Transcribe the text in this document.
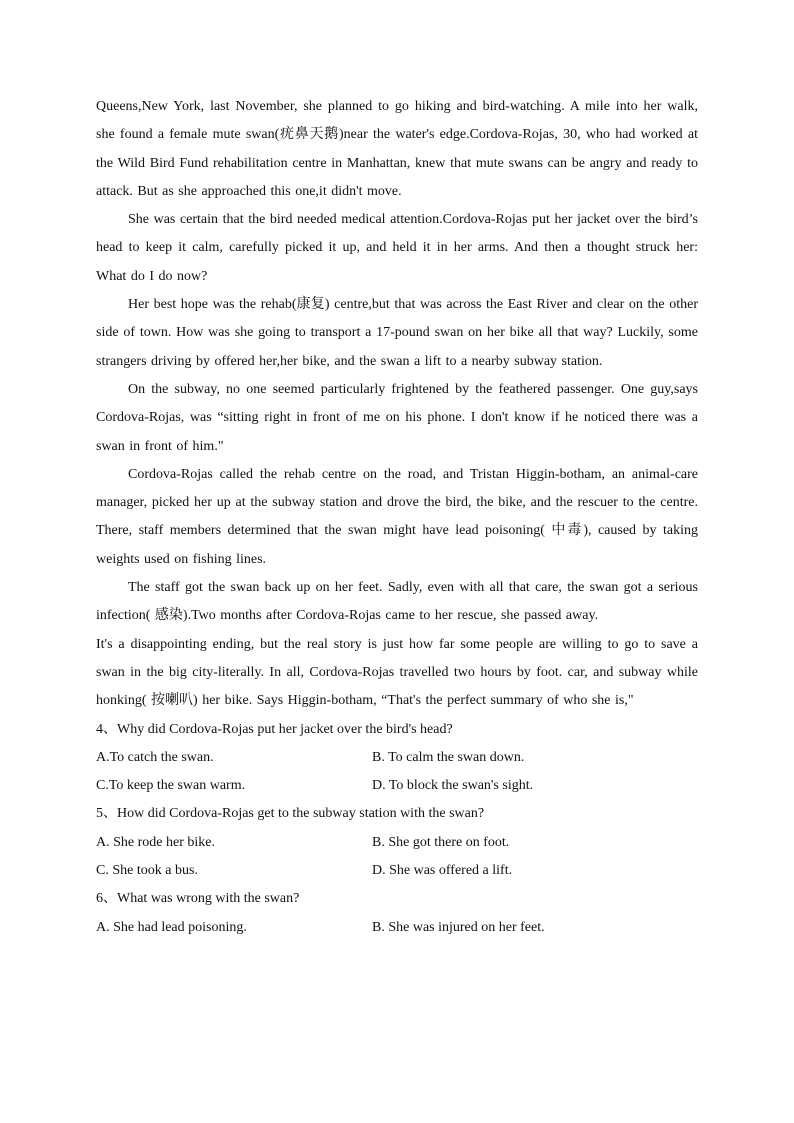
Queens,New York, last November, she planned to go hiking and bird-watching. A mile into her walk, she found a female mute swan(疣鼻天鹅)near the water's edge.Cordova-Rojas, 30, who had worked at the Wild Bird Fund rehabilitation centre in Manhattan, knew that mute swans can be angry and ready to attack. But as she approached this one,it didn't move.

She was certain that the bird needed medical attention.Cordova-Rojas put her jacket over the bird’s head to keep it calm, carefully picked it up, and held it in her arms. And then a thought struck her: What do I do now?

Her best hope was the rehab(康复) centre,but that was across the East River and clear on the other side of town. How was she going to transport a 17-pound swan on her bike all that way? Luckily, some strangers driving by offered her,her bike, and the swan a lift to a nearby subway station.

On the subway, no one seemed particularly frightened by the feathered passenger. One guy,says Cordova-Rojas, was “sitting right in front of me on his phone. I don't know if he noticed there was a swan in front of him."

Cordova-Rojas called the rehab centre on the road, and Tristan Higgin-botham, an animal-care manager, picked her up at the subway station and drove the bird, the bike, and the rescuer to the centre. There, staff members determined that the swan might have lead poisoning( 中毒), caused by taking weights used on fishing lines.

The staff got the swan back up on her feet. Sadly, even with all that care, the swan got a serious infection( 感染).Two months after Cordova-Rojas came to her rescue, she passed away.

It's a disappointing ending, but the real story is just how far some people are willing to go to save a swan in the big city-literally. In all, Cordova-Rojas travelled two hours by foot. car, and subway while honking( 按喇叭) her bike. Says Higgin-botham, “That's the perfect summary of who she is,"

4、Why did Cordova-Rojas put her jacket over the bird's head?

A.To catch the swan.	B. To calm the swan down.
C.To keep the swan warm.	D. To block the swan's sight.

5、How did Cordova-Rojas get to the subway station with the swan?

A. She rode her bike.	B. She got there on foot.
C. She took a bus.	D. She was offered a lift.

6、What was wrong with the swan?

A. She had lead poisoning.	B. She was injured on her feet.
